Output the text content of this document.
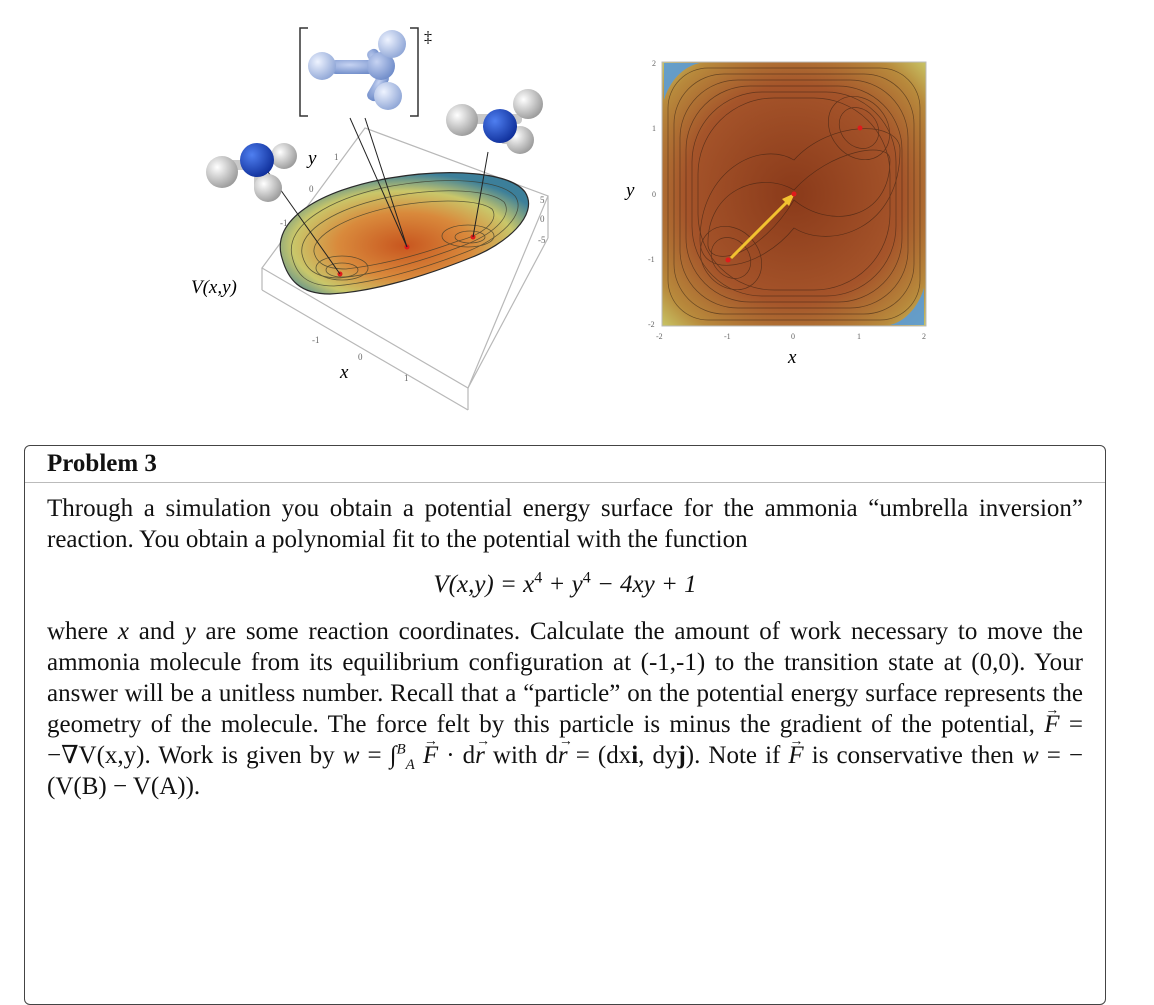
1
0
-1
5
0
-5
-1
0
1
y
x
V(x,y)
‡
-2	-1	0	1	2
2
1
0
-1
-2
x
y
Problem 3
Through a simulation you obtain a potential energy surface for the ammonia “umbrella inversion” reaction. You obtain a polynomial fit to the potential with the function
$V(x,y) = x^4 + y^4 - 4xy + 1$
where x and y are some reaction coordinates. Calculate the amount of work necessary to move the ammonia molecule from its equilibrium configuration at (-1,-1) to the transition state at (0,0). Your answer will be a unitless number. Recall that a “particle” on the potential energy surface represents the geometry of the molecule. The force felt by this particle is minus the gradient of the potential, → F = −∇V(x,y). Work is given by w = ∫$^B_A$ → F · d→ r with d→ r = (dxi, dyj). Note if → F is conservative then w = − (V(B) − V(A)).
